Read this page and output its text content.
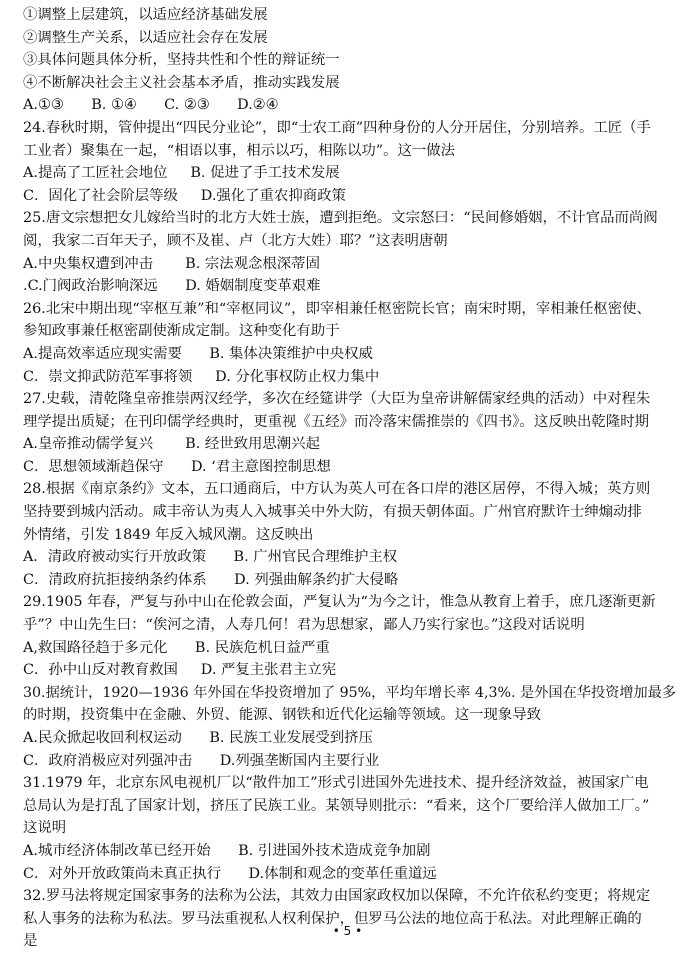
①调整上层建筑，以适应经济基础发展
②调整生产关系，以适应社会存在发展
③具体问题具体分析，坚持共性和个性的辩证统一
④不断解决社会主义社会基本矛盾，推动实践发展
A.①③      B. ①④      C. ②③      D.②④
24.春秋时期，管仲提出“四民分业论”，即“士农工商”四种身份的人分开居住，分别培养。工匠（手
工业者）聚集在一起，“相语以事，相示以巧，相陈以功”。这一做法
A.提高了工匠社会地位     B. 促进了手工技术发展
C．固化了社会阶层等级     D.强化了重农抑商政策
25.唐文宗想把女儿嫁给当时的北方大姓士族，遭到拒绝。文宗怒曰：“民间修婚姻，不计官品而尚阀
阅，我家二百年天子，顾不及崔、卢（北方大姓）耶？”这表明唐朝
A.中央集权遭到冲击       B. 宗法观念根深蒂固
.C.门阀政治影响深远      D. 婚姻制度变革艰难
26.北宋中期出现“宰枢互兼”和“宰枢同议”，即宰相兼任枢密院长官；南宋时期，宰相兼任枢密使、
参知政事兼任枢密副使渐成定制。这种变化有助于
A.提高效率适应现实需要      B. 集体决策维护中央权威
C．崇文抑武防范军事将领     D. 分化事权防止权力集中
27.史载，清乾隆皇帝推崇两汉经学，多次在经筵讲学（大臣为皇帝讲解儒家经典的活动）中对程朱
理学提出质疑；在刊印儒学经典时，更重视《五经》而冷落宋儒推崇的《四书》。这反映出乾隆时期
A.皇帝推动儒学复兴       B. 经世致用思潮兴起
C．思想领域渐趋保守      D. ‘君主意图控制思想
28.根据《南京条约》文本，五口通商后，中方认为英人可在各口岸的港区居停，不得入城；英方则
坚持要到城内活动。咸丰帝认为夷人入城事关中外大防，有损天朝体面。广州官府默许士绅煽动排
外情绪，引发 1849 年反入城风潮。这反映出
A．清政府被动实行开放政策      B. 广州官民合理维护主权
C．清政府抗拒接纳条约体系      D. 列强曲解条约扩大侵略
29.1905 年春，严复与孙中山在伦敦会面，严复认为“为今之计，惟急从教育上着手，庶几逐渐更新
乎”？中山先生曰：“俟河之清，人寿几何！君为思想家，鄙人乃实行家也。”这段对话说明
A,救国路径趋于多元化      B. 民族危机日益严重
C．孙中山反对教育救国     D. 严复主张君主立宪
30.据统计，1920—1936 年外国在华投资增加了 95%，平均年增长率 4,3%. 是外国在华投资增加最多
的时期，投资集中在金融、外贸、能源、钢铁和近代化运输等领域。这一现象导致
A.民众掀起收回利权运动      B. 民族工业发展受到挤压
C．政府消极应对列强冲击      D.列强垄断国内主要行业
31.1979 年，北京东风电视机厂以“散件加工”形式引进国外先进技术、提升经济效益，被国家广电
总局认为是打乱了国家计划，挤压了民族工业。某领导则批示：“看来，这个厂要给洋人做加工厂。”
这说明
A.城市经济体制改革已经开始      B. 引进国外技术造成竞争加剧
C．对外开放政策尚未真正执行      D.体制和观念的变革任重道远
32.罗马法将规定国家事务的法称为公法，其效力由国家政权加以保障，不允许依私约变更；将规定
私人事务的法称为私法。罗马法重视私人权利保护，但罗马公法的地位高于私法。对此理解正确的
是
• 5 •
